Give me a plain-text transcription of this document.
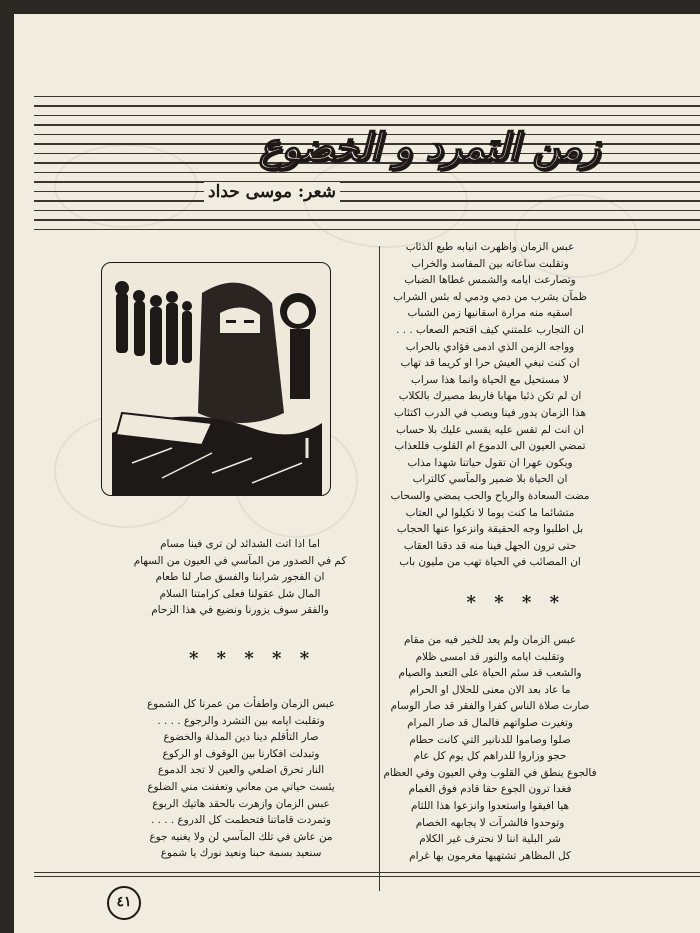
زمن التمرد و الخضوع
شعر: موسى حداد
عبس الزمان واظهرت انيابه طبع الذئاب
وتقلبت ساعاته بين المفاسد والخراب
وتصارعت ايامه والشمس غطاها الضباب
ظمآن يشرب من دمي ودمي له بئس الشراب
اسقيه منه مرارة اسقانيها زمن الشباب
ان التجارب علمتني كيف اقتحم الصعاب . . .
وواجه الزمن الذي ادمى فؤادي بالحراب
ان كنت تبغي العيش حرا او كريما قد تهاب
لا مستحيل مع الحياة وانما هذا سراب
ان لم تكن ذئبا مهابا فاربط مصيرك بالكلاب
هذا الزمان يدور فينا ويصب في الدرب اكتئاب
ان انت لم تقس عليه يقسى عليك بلا حساب
تمضي العيون الى الدموع ام القلوب فللعذاب
ويكون عهرا ان تقول حياتنا شهدا مذاب
ان الحياة بلا ضمير والمآسي كالتراب
مضت السعادة والرياح والحب يمضي والسحاب
متشائما ما كنت يوما لا تكيلوا لي العتاب
بل اطلبوا وجه الحقيقة وانزعوا عنها الحجاب
حتى ترون الجهل فينا منه قد دقنا العقاب
ان المصائب في الحياة تهب من مليون باب
* * * *
عبس الزمان ولم يعد للخير فيه من مقام
وتقلبت ايامه والنور قد امسى ظلام
والشعب قد سئم الحياة على التعبد والصيام
ما عاد بعد الان معنى للحلال او الحرام
صارت صلاة الناس كفرا والفقر قد صار الوسام
وتغيرت صلواتهم فالمال قد صار المرام
صلوا وصاموا للدنانير التي كانت حطام
حجو وزاروا للدراهم كل يوم كل عام
فالجوع ينطق في القلوب وفي العيون وفي العظام
فغدا ترون الجوع حقا قادم فوق الغمام
هيا افيقوا واستعدوا وانزعوا هذا اللثام
وتوحدوا فالشرآت لا يجابهه الخصام
شر البلية اننا لا نحترف غير الكلام
كل المظاهر تشتهيها مغرمون بها غرام
اما اذا اتت الشدائد لن ترى فينا مسام
كم في الصدور من المآسي في العيون من السهام
ان الفجور شرابنا والفسق صار لنا طعام
المال شل عقولنا فعلى كرامتنا السلام
والفقر سوف يزورنا ونضيع في هذا الزحام
* * * * *
عبس الزمان واطفأت من عمرنا كل الشموع
وتقلبت ايامه بين التشرد والرجوع . . . .
صار التأقلم دينا دين المذلة والخضوع
وتبدلت افكارنا بين الوقوف او الركوع
النار تحرق اضلعي والعين لا تجد الدموع
يئست حياتي من معاني وتعفنت مني الضلوع
عبس الزمان وازهرت بالحقد هاتيك الربوع
وتمردت قاماتنا فتحطمت كل الدروع . . . .
من عاش في تلك المآسي لن ولا يغنيه جوع
سنعيد بسمة حبنا ونعيد نورك يا شموع
٤١
